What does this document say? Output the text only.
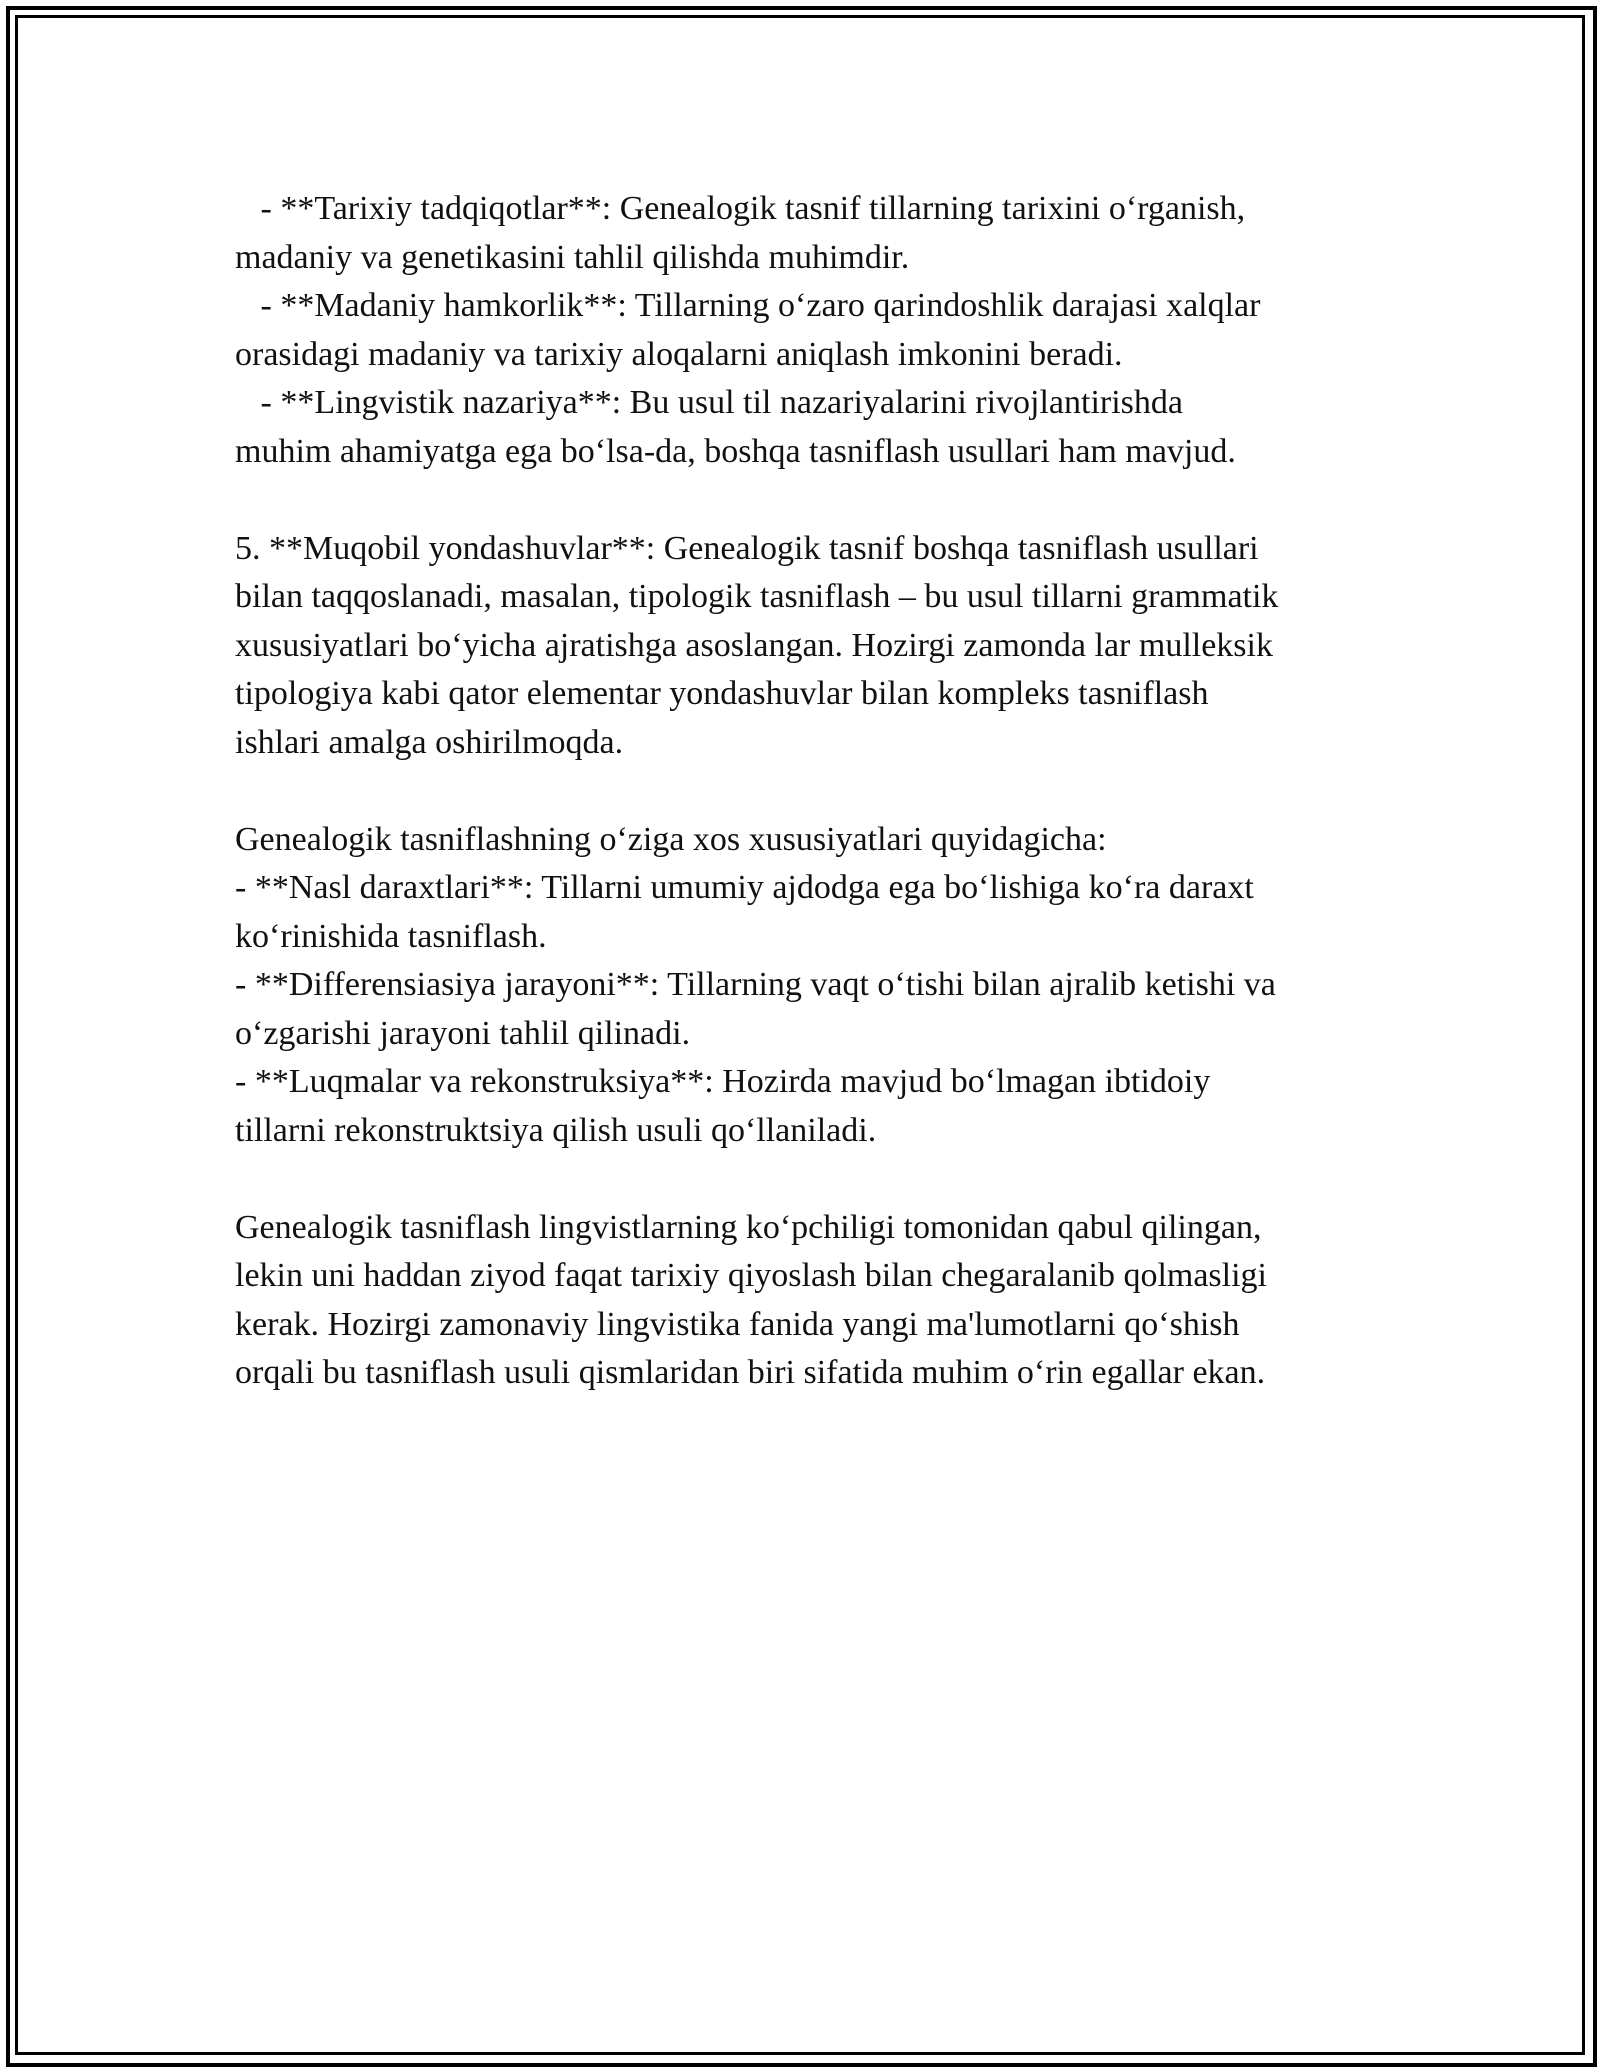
- **Tarixiy tadqiqotlar**: Genealogik tasnif tillarning tarixini o‘rganish,
madaniy va genetikasini tahlil qilishda muhimdir.
- **Madaniy hamkorlik**: Tillarning o‘zaro qarindoshlik darajasi xalqlar
orasidagi madaniy va tarixiy aloqalarni aniqlash imkonini beradi.
- **Lingvistik nazariya**: Bu usul til nazariyalarini rivojlantirishda
muhim ahamiyatga ega bo‘lsa-da, boshqa tasniflash usullari ham mavjud.
5. **Muqobil yondashuvlar**: Genealogik tasnif boshqa tasniflash usullari
bilan taqqoslanadi, masalan, tipologik tasniflash – bu usul tillarni grammatik
xususiyatlari bo‘yicha ajratishga asoslangan. Hozirgi zamonda lar mulleksik
tipologiya kabi qator elementar yondashuvlar bilan kompleks tasniflash
ishlari amalga oshirilmoqda.
Genealogik tasniflashning o‘ziga xos xususiyatlari quyidagicha:
- **Nasl daraxtlari**: Tillarni umumiy ajdodga ega bo‘lishiga ko‘ra daraxt
ko‘rinishida tasniflash.
- **Differensiasiya jarayoni**: Tillarning vaqt o‘tishi bilan ajralib ketishi va
o‘zgarishi jarayoni tahlil qilinadi.
- **Luqmalar va rekonstruksiya**: Hozirda mavjud bo‘lmagan ibtidoiy
tillarni rekonstruktsiya qilish usuli qo‘llaniladi.
Genealogik tasniflash lingvistlarning ko‘pchiligi tomonidan qabul qilingan,
lekin uni haddan ziyod faqat tarixiy qiyoslash bilan chegaralanib qolmasligi
kerak. Hozirgi zamonaviy lingvistika fanida yangi ma'lumotlarni qo‘shish
orqali bu tasniflash usuli qismlaridan biri sifatida muhim o‘rin egallar ekan.
